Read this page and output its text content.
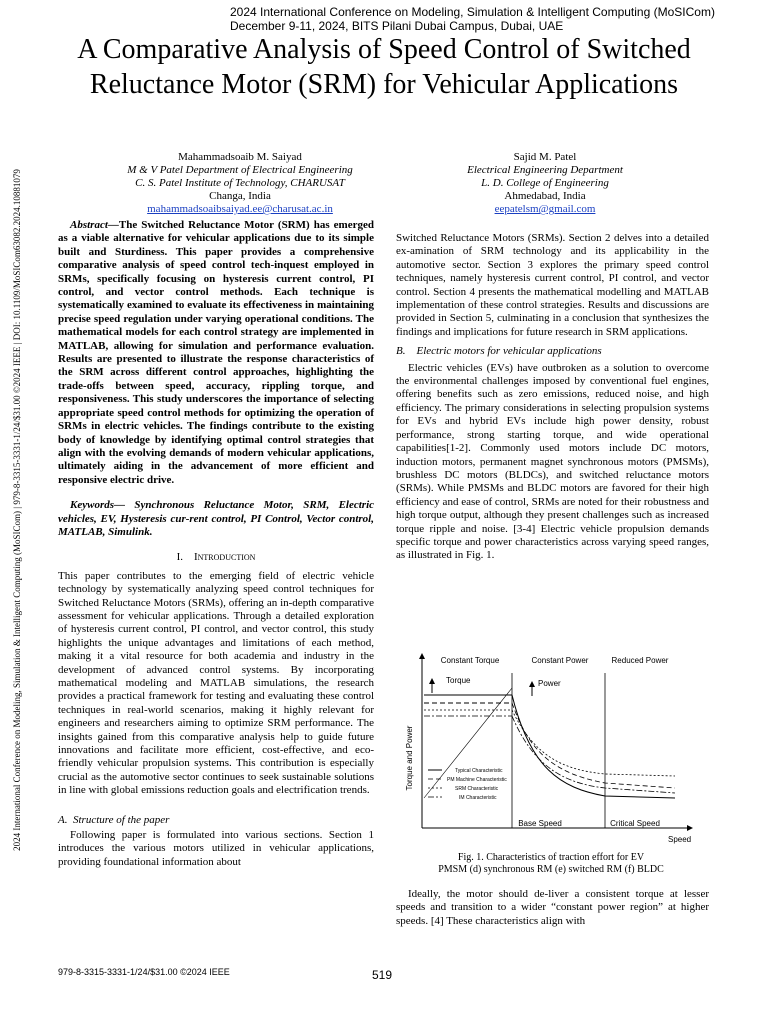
2024 International Conference on Modeling, Simulation & Intelligent Computing (MoSICom)
December 9-11, 2024, BITS Pilani Dubai Campus, Dubai, UAE
A Comparative Analysis of Speed Control of Switched Reluctance Motor (SRM) for Vehicular Applications
2024 International Conference on Modeling, Simulation & Intelligent Computing (MoSICom) | 979-8-3315-3331-1/24/$31.00 ©2024 IEEE | DOI: 10.1109/MoSICom63082.2024.10881079
Mahammadsoaib M. Saiyad
M & V Patel Department of Electrical Engineering
C. S. Patel Institute of Technology, CHARUSAT
Changa, India
mahammadsoaibsaiyad.ee@charusat.ac.in
Sajid M. Patel
Electrical Engineering Department
L. D. College of Engineering
Ahmedabad, India
eepatelsm@gmail.com

Abstract—The Switched Reluctance Motor (SRM) has emerged as a viable alternative for vehicular applications due to its simple built and Sturdiness. This paper provides a comprehensive comparative analysis of speed control tech-inquest employed in SRMs, specifically focusing on hysteresis current control, PI control, and vector control methods. Each technique is systematically examined to evaluate its effectiveness in maintaining precise speed regulation under varying operational conditions. The mathematical models for each control strategy are implemented in MATLAB, allowing for simulation and performance evaluation. Results are presented to illustrate the response characteristics of the SRM across different control approaches, highlighting the trade-offs between speed, accuracy, rippling torque, and responsiveness. This study underscores the importance of selecting appropriate speed control methods for optimizing the operation of SRMs in electric vehicles. The findings contribute to the existing body of knowledge by identifying optimal control strategies that align with the evolving demands of modern vehicular applications, ultimately aiding in the advancement of more efficient and responsive electric drive.

Keywords— Synchronous Reluctance Motor, SRM, Electric vehicles, EV, Hysteresis cur-rent control, PI Control, Vector control, MATLAB, Simulink.

I. Introduction

This paper contributes to the emerging field of electric vehicle technology by systematically analyzing speed control techniques for Switched Reluctance Motors (SRMs), offering an in-depth comparative assessment for vehicular applications. Through a detailed exploration of hysteresis current control, PI control, and vector control, this study highlights the unique advantages and limitations of each method, making it a vital resource for both academia and industry in the development of advanced control systems. By incorporating mathematical modeling and MATLAB simulations, the research provides a practical framework for testing and evaluating these control techniques in real-world scenarios, making it highly relevant for engineers and researchers aiming to optimize SRM performance. The insights gained from this comparative analysis help to guide future innovations and facilitate more efficient, cost-effective, and eco-friendly vehicular propulsion systems. This contribution is especially crucial as the automotive sector continues to seek sustainable solutions in line with global emissions reduction goals and electrification trends.

A. Structure of the paper

Following paper is formulated into various sections. Section 1 introduces the various motors utilized in vehicular applications, providing foundational information about

Switched Reluctance Motors (SRMs). Section 2 delves into a detailed ex-amination of SRM technology and its applicability in the automotive sector. Section 3 explores the primary speed control techniques, namely hysteresis current control, PI control, and vector control. Section 4 presents the mathematical modelling and MATLAB implementation of these control strategies. Results and discussions are provided in Section 5, culminating in a conclusion that synthesizes the findings and implications for future research in SRM applications.

B. Electric motors for vehicular applications

Electric vehicles (EVs) have outbroken as a solution to overcome the environmental challenges imposed by conventional fuel engines, offering benefits such as zero emissions, reduced noise, and high efficiency. The primary considerations in selecting propulsion systems for EVs and hybrid EVs include high power density, robust performance, strong starting torque, and wide operational capabilities[1-2]. Commonly used motors include DC motors, induction motors, permanent magnet synchronous motors (PMSMs), brushless DC motors (BLDCs), and switched reluctance motors (SRMs). While PMSMs and BLDC motors are favored for their high efficiency and ease of control, SRMs are noted for their robustness and high torque output, although they present challenges such as increased torque ripple and noise. [3-4] Electric vehicle propulsion demands specific torque and power characteristics across varying speed ranges, as illustrated in Fig. 1.

Constant Torque	Constant Power	Reduced Power
Torque	Power
Torque and Power
Speed
Base Speed	Critical Speed
Typical Characteristic
PM Machine Characteristic
SRM Characteristic
IM Characteristic
Fig. 1. Characteristics of traction effort for EV
PMSM (d) synchronous RM (e) switched RM (f) BLDC

Ideally, the motor should de-liver a consistent torque at lesser speeds and transition to a wider “constant power region” at higher speeds. [4] These characteristics align with

979-8-3315-3331-1/24/$31.00 ©2024 IEEE	519
